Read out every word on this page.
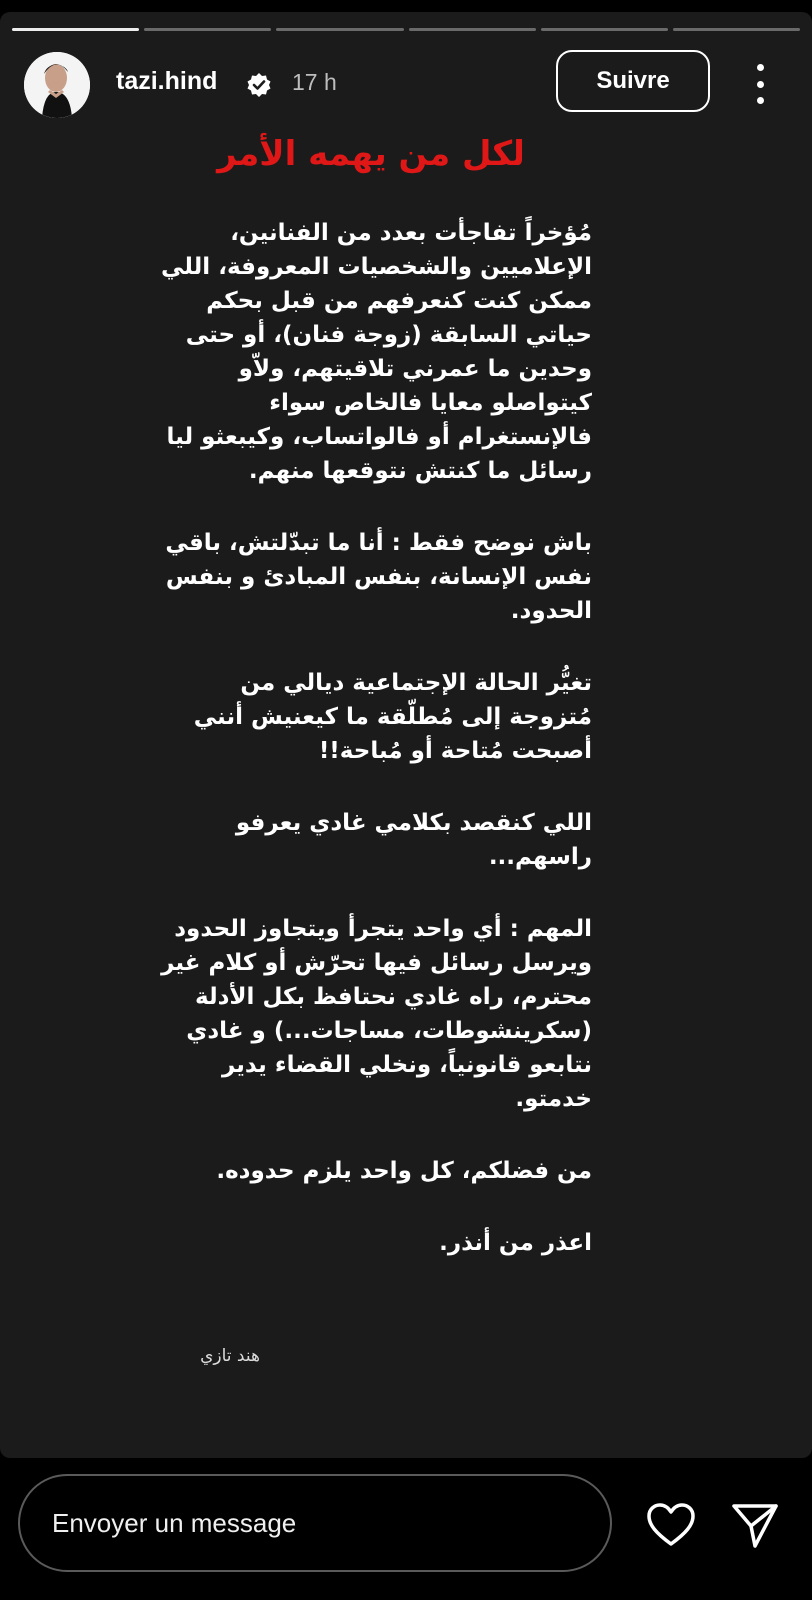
tazi.hind	17 h	Suivre
لكل من يهمه الأمر

مُؤخراً تفاجأت بعدد من الفنانين، الإعلاميين والشخصيات المعروفة، اللي ممكن كنت كنعرفهم من قبل بحكم حياتي السابقة (زوجة فنان)، أو حتى وحدين ما عمرني تلاقيتهم، ولاّو كيتواصلو معايا فالخاص سواء فالإنستغرام أو فالواتساب، وكيبعثو ليا رسائل ما كنتش نتوقعها منهم.

باش نوضح فقط : أنا ما تبدّلتش، باقي نفس الإنسانة، بنفس المبادئ و بنفس الحدود.

تغيُّر الحالة الإجتماعية ديالي من مُتزوجة إلى مُطلّقة ما كيعنيش أنني أصبحت مُتاحة أو مُباحة!!

اللي كنقصد بكلامي غادي يعرفو راسهم...

المهم : أي واحد يتجرأ ويتجاوز الحدود ويرسل رسائل فيها تحرّش أو كلام غير محترم، راه غادي نحتافظ بكل الأدلة (سكرينشوطات، مساجات...) و غادي نتابعو قانونياً، ونخلي القضاء يدير خدمتو.

من فضلكم، كل واحد يلزم حدوده.

اعذر من أنذر.

هند تازي
Envoyer un message
